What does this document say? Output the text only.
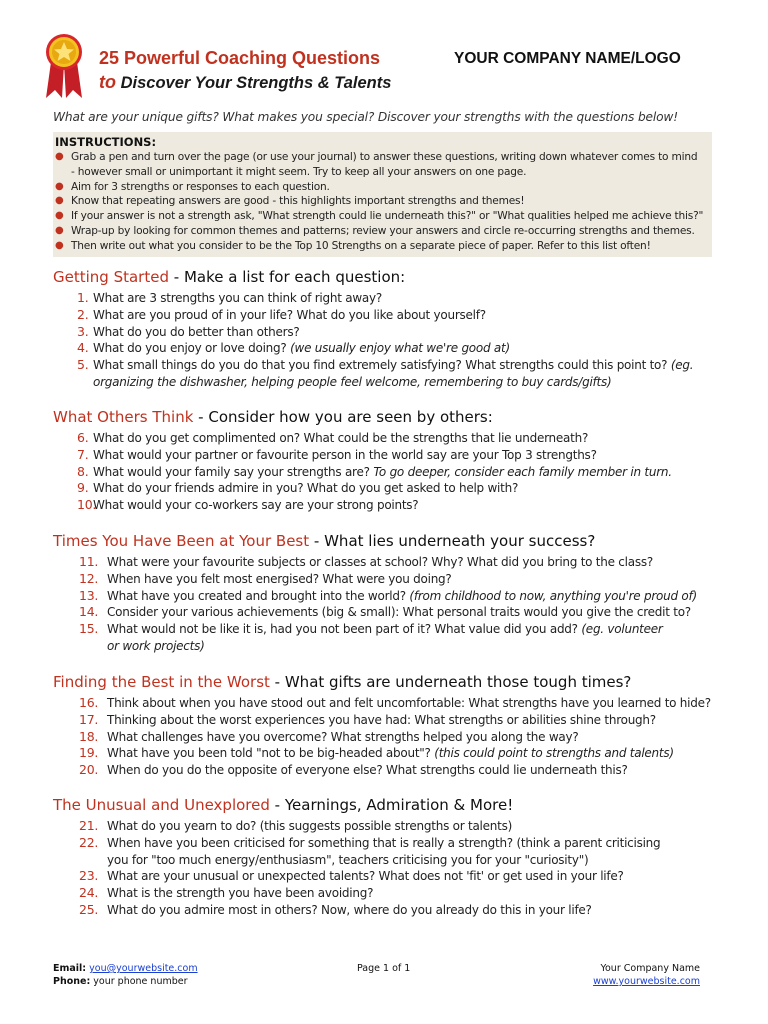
25 Powerful Coaching Questions
to Discover Your Strengths & Talents
YOUR COMPANY NAME/LOGO
What are your unique gifts? What makes you special? Discover your strengths with the questions below!
INSTRUCTIONS:
● Grab a pen and turn over the page (or use your journal) to answer these questions, writing down whatever comes to mind
- however small or unimportant it might seem. Try to keep all your answers on one page.
● Aim for 3 strengths or responses to each question.
● Know that repeating answers are good - this highlights important strengths and themes!
● If your answer is not a strength ask, "What strength could lie underneath this?" or "What qualities helped me achieve this?"
● Wrap-up by looking for common themes and patterns; review your answers and circle re-occurring strengths and themes.
● Then write out what you consider to be the Top 10 Strengths on a separate piece of paper. Refer to this list often!
Getting Started - Make a list for each question:
1. What are 3 strengths you can think of right away?
2. What are you proud of in your life? What do you like about yourself?
3. What do you do better than others?
4. What do you enjoy or love doing? (we usually enjoy what we're good at)
5. What small things do you do that you find extremely satisfying? What strengths could this point to? (eg.
organizing the dishwasher, helping people feel welcome, remembering to buy cards/gifts)
What Others Think - Consider how you are seen by others:
6. What do you get complimented on? What could be the strengths that lie underneath?
7. What would your partner or favourite person in the world say are your Top 3 strengths?
8. What would your family say your strengths are? To go deeper, consider each family member in turn.
9. What do your friends admire in you? What do you get asked to help with?
10.
What would your co-workers say are your strong points?
Times You Have Been at Your Best - What lies underneath your success?
11. What were your favourite subjects or classes at school? Why? What did you bring to the class?
12. When have you felt most energised? What were you doing?
13. What have you created and brought into the world? (from childhood to now, anything you're proud of)
14. Consider your various achievements (big & small): What personal traits would you give the credit to?
15. What would not be like it is, had you not been part of it? What value did you add? (eg. volunteer
or work projects)
Finding the Best in the Worst - What gifts are underneath those tough times?
16. Think about when you have stood out and felt uncomfortable: What strengths have you learned to hide?
17. Thinking about the worst experiences you have had: What strengths or abilities shine through?
18. What challenges have you overcome? What strengths helped you along the way?
19. What have you been told "not to be big-headed about"? (this could point to strengths and talents)
20. When do you do the opposite of everyone else? What strengths could lie underneath this?
The Unusual and Unexplored - Yearnings, Admiration & More!
21. What do you yearn to do? (this suggests possible strengths or talents)
22. When have you been criticised for something that is really a strength? (think a parent criticising
you for "too much energy/enthusiasm", teachers criticising you for your "curiosity")
23. What are your unusual or unexpected talents? What does not 'fit' or get used in your life?
24. What is the strength you have been avoiding?
25. What do you admire most in others? Now, where do you already do this in your life?
Email: you@yourwebsite.com
Phone: your phone number
Page 1 of 1	Your Company Name
www.yourwebsite.com
